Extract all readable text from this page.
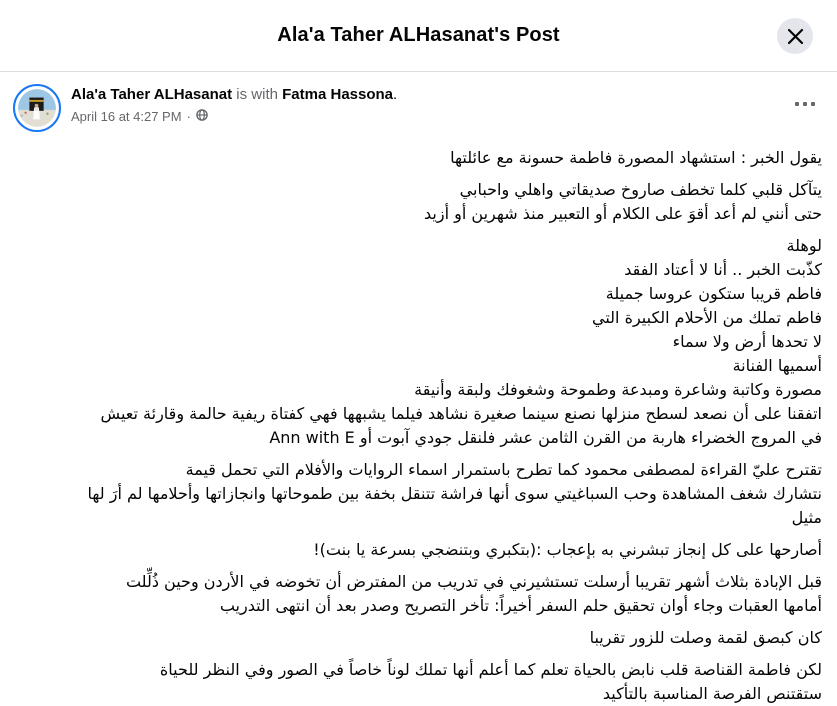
Ala'a Taher ALHasanat's Post
Ala'a Taher ALHasanat is with Fatma Hassona.
April 16 at 4:27 PM ·
يقول الخبر : استشهاد المصورة فاطمة حسونة مع عائلتها
يتآكل قلبي كلما تخطف صاروخ صديقاتي واهلي واحبابي
حتى أنني لم أعد أقوَ على الكلام أو التعبير منذ شهرين أو أزيد
لوهلة
كذّبت الخبر .. أنا لا أعتاد الفقد
فاطم قريبا ستكون عروسا جميلة
فاطم تملك من الأحلام الكبيرة التي
لا تحدها أرض ولا سماء
أسميها الفنانة
مصورة وكاتبة وشاعرة ومبدعة وطموحة وشغوفك ولبقة وأنيقة
اتفقنا على أن نصعد لسطح منزلها نصنع سينما صغيرة نشاهد فيلما يشبهها فهي كفتاة ريفية حالمة وقارئة تعيش
في المروج الخضراء هاربة من القرن الثامن عشر فلنقل جودي آبوت أو Ann with E
تقترح عليّ القراءة لمصطفى محمود كما تطرح باستمرار اسماء الروايات والأفلام التي تحمل قيمة
نتشارك شغف المشاهدة وحب السباغيتي سوى أنها فراشة تتنقل بخفة بين طموحاتها وانجازاتها وأحلامها لم أرَ لها
مثيل
أصارحها على كل إنجاز تبشرني به بإعجاب :(بتكبري وبتنضجي بسرعة يا بنت)!
قبل الإبادة بثلاث أشهر تقريبا أرسلت تستشيرني في تدريب من المفترض أن تخوضه في الأردن وحين ذُلِّلت
أمامها العقبات وجاء أوان تحقيق حلم السفر أخيراً: تأخر التصريح وصدر بعد أن انتهى التدريب
كان كبصق لقمة وصلت للزور تقريبا
لكن فاطمة القناصة قلب نابض بالحياة تعلم كما أعلم أنها تملك لوناً خاصاً في الصور وفي النظر للحياة
ستقتنص الفرصة المناسبة بالتأكيد
